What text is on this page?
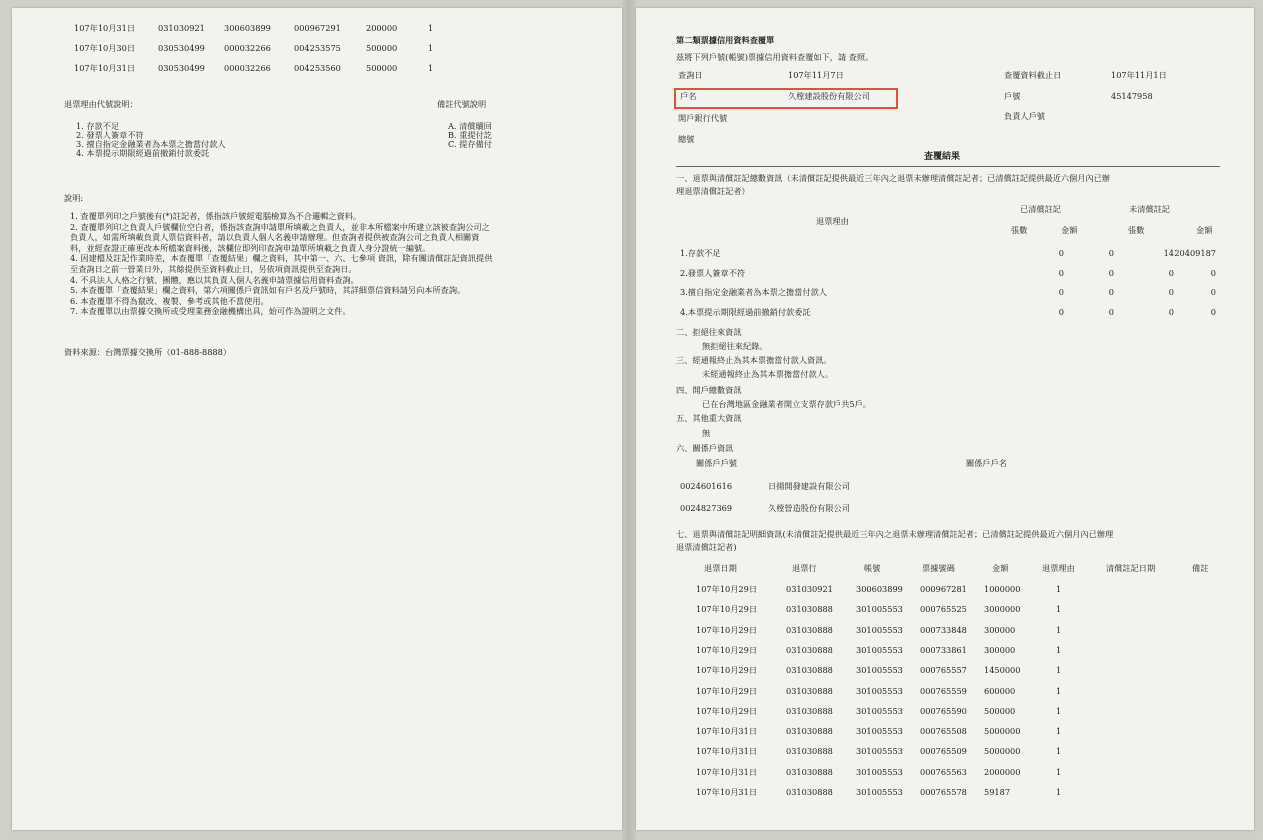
107年10月31日	031030921 300603899	000967291	200000	1
107年10月30日	030530499 000032266	004253575	500000	1
107年10月31日	030530499 000032266	004253560	500000	1
退票理由代號說明：	備註代號說明
1. 存款不足
2. 發票人簽章不符
3. 擅自指定金融業者為本票之擔當付款人
4. 本票提示期限經過前撤銷付款委託
A. 清償贖回
B. 重提付訖
C. 提存備付
說明:
1. 查覆單列印之戶號後有(*)註記者，係指該戶號經電腦檢算為不合邏輯之資料。
2. 查覆單列印之負責人戶號欄位空白者，係指該查詢申請單所填載之負責人，並非本所檔案中所建立該被查詢公司之
負責人，如需所填載負責人票信資料者，請以負責人個人名義申請辦理。但查詢者提供被查詢公司之負責人相關資
料，並經查證正確更改本所檔案資料後，該欄位即列印查詢申請單所填載之負責人身分證統一編號。
4. 因建檔及註記作業時差，本查覆單「查覆結果」欄之資料，其中第一、六、七參項 資訊，除有關清償註記資訊提供
至查詢日之前一營業日外，其餘提供至資料截止日，另依項資訊提供至查詢日。
4. 不具法人人格之行號、團體，應以其負責人個人名義申請票據信用資料查詢。
5. 本查覆單「查覆結果」欄之資料，第六項關係戶資訊如有戶名及戶號時，其詳細票信資料請另向本所查詢。
6. 本查覆單不得為竄改、複製、參考或其他不當使用。
7. 本查覆單以由票據交換所或受理業務金融機構出具，始可作為證明之文件。
資料來源：台灣票據交換所（01-888-8888）
第二類票據信用資料查覆單
茲將下列戶號(帳號)票據信用資料查覆如下，請 查照。
查詢日	107年11月7日	查覆資料截止日	107年11月1日
戶名	久樘建設股份有限公司	戶號	45147958
開戶銀行代號	負責人戶號
總號
查覆結果
一、退票與清償註記總數資訊（未清償註記提供最近三年內之退票未辦理清償註記者；已清償註記提供最近六個月內已辦
理退票清償註記者）
退票理由
已清償註記	未清償註記
張數	金額	張數	金額
1.存款不足	0	0	14 20409187
2.發票人簽章不符	0	0	0	0
3.擅自指定金融業者為本票之擔當付款人	0	0	0	0
4.本票提示期限經過前撤銷付款委託	0	0	0	0
二、拒絕往來資訊
無拒絕往來紀錄。
三、經通報終止為其本票擔當付款人資訊。
未經通報終止為其本票擔當付款人。
四、開戶總數資訊
已在台灣地區金融業者開立支票存款戶共5戶。
五、其他重大資訊
無
六、關係戶資訊
關係戶戶號	關係戶戶名
0024601616	日揚開發建設有限公司
0024827369	久樘營造股份有限公司
七、退票與清償註記明細資訊(未清償註記提供最近三年內之退票未辦理清償註記者；已清償註記提供最近六個月內已辦理
退票清償註記者)
退票日期	退票行	帳號	票據號碼	金額	退票理由	清償註記日期	備註
107年10月29日	031030921	300603899 000967281 1000000	1
107年10月29日	031030888	301005553 000765525 3000000	1
107年10月29日	031030888	301005553 000733848 300000	1
107年10月29日	031030888	301005553 000733861 300000	1
107年10月29日	031030888	301005553 000765557 1450000	1
107年10月29日	031030888	301005553 000765559 600000	1
107年10月29日	031030888	301005553 000765590 500000	1
107年10月31日	031030888	301005553 000765508 5000000	1
107年10月31日	031030888	301005553 000765509 5000000	1
107年10月31日	031030888	301005553 000765563 2000000	1
107年10月31日	031030888	301005553 000765578 59187	1
